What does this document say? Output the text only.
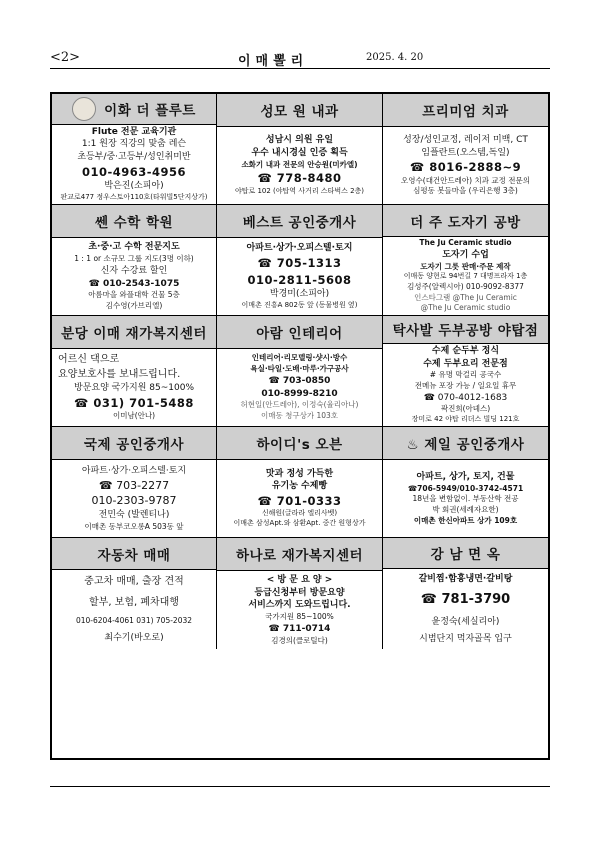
<2>	이매뽈리	2025. 4. 20
이화 더 플루트
Flute 전문 교육기관
1:1 원장 직강의 맞춤 레슨
초등부/중·고등부/성인취미반
010-4963-4956
박은진(소피아)
판교로477 정우스토아110호(타워빌5단지상가)
성모 원 내과
성남시 의원 유일
우수 내시경실 인증 획득
소화기 내과 전문의 안승원(미카엘)
☎ 778-8480
야탑로 102 (야탑역 사거리 스타벅스 2층)
프리미엄 치과
성장/성인교정, 레이저 미백, CT
임플란트(오스템,독일)
☎ 8016-2888~9
오영수(대건안드레아) 치과 교정 전문의
심평동 봇들마을 (우리은행 3층)
쎈 수학 학원
초·중·고 수학 전문지도
1 : 1 or 소규모 그룹 지도(3명 이하)
신자 수강료 할인
☎ 010-2543-1075
아름마을 와플대학 건물 5층
김수영(가브리엘)
베스트 공인중개사
아파트·상가·오피스텔·토지
☎ 705-1313
010-2811-5608
박경미(소피아)
이매촌 진흥A 802동 앞 (동물병원 옆)
더 주 도자기 공방
The Ju Ceramic studio
도자기 수업
도자기 그릇 판매·주문 제작
이매동 양현로 94번길 7 대명프라자 1층
김성주(알렉시아) 010-9092-8377
인스타그램 @The Ju Ceramic
@The Ju Ceramic studio
분당 이매 재가복지센터
어르신 댁으로
요양보호사를 보내드립니다.
방문요양 국가지원 85~100%
☎ 031) 701-5488
이미남(안나)
아람 인테리어
인테리어·리모델링·샷시·방수
욕실·타일·도배·마루·가구공사
☎ 703-0850
010-8999-8210
허현일(안드레아), 이정숙(율리아나)
이매동 청구상가 103호
탁사발 두부공방 야탑점
수제 순두부 정식
수제 두부요리 전문점
# 유명 막걸리 공국수
전메뉴 포장 가능 / 일요일 휴무
☎ 070-4012-1683
곽진희(아녜스)
장미로 42 야탑 리더스 빌딩 121호
국제 공인중개사
아파트·상가·오피스텔·토지
☎ 703-2277
010-2303-9787
전민숙 (발렌티나)
이매촌 동부코오롱A 503동 앞
하이디's 오븐
맛과 정성 가득한
유기농 수제빵
☎ 701-0333
신해원(글라라 엘리사벳)
이매촌 삼성Apt.와 삼환Apt. 중간 원형상가
♨ 제일 공인중개사
아파트, 상가, 토지, 건물
☎706-5949/010-3742-4571
18년을 변함없이. 부동산학 전공
박 회권(세례자요한)
이매촌 한신아파트 상가 109호
자동차 매매
중고차 매매, 출장 견적
할부, 보험, 폐차대행
010-6204-4061 031) 705-2032
최수기(바오로)
하나로 재가복지센터
< 방 문 요 양 >
등급신청부터 방문요양
서비스까지 도와드립니다.
국가지원 85~100%
☎ 711-0714
김경의(클로틸다)
강 남 면 옥
갈비찜·함흥냉면·갈비탕
☎ 781-3790
윤정숙(세실리아)
시범단지 먹자골목 입구
